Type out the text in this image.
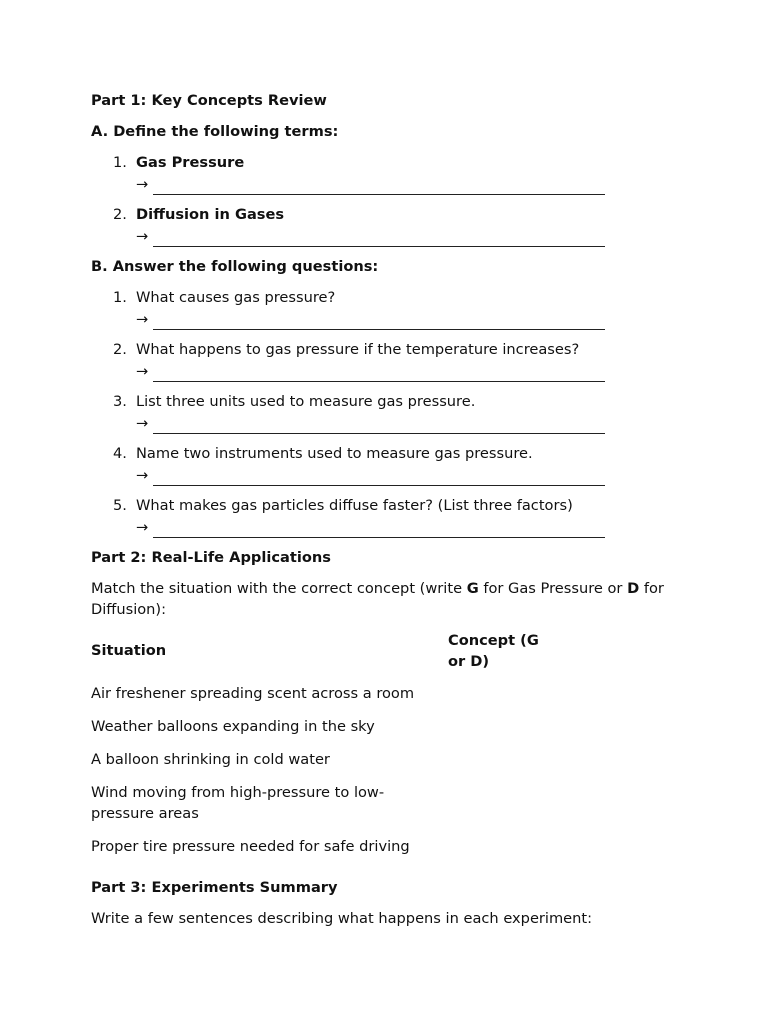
Part 1: Key Concepts Review
A. Define the following terms:
1. Gas Pressure
→
2. Diffusion in Gases
→
B. Answer the following questions:
1. What causes gas pressure?
→
2. What happens to gas pressure if the temperature increases?
→
3. List three units used to measure gas pressure.
→
4. Name two instruments used to measure gas pressure.
→
5. What makes gas particles diffuse faster? (List three factors)
→
Part 2: Real-Life Applications
Match the situation with the correct concept (write G for Gas Pressure or D for Diffusion):
Situation	Concept (G or D)
Air freshener spreading scent across a room	
Weather balloons expanding in the sky	
A balloon shrinking in cold water	
Wind moving from high-pressure to low-pressure areas	
Proper tire pressure needed for safe driving	
Part 3: Experiments Summary
Write a few sentences describing what happens in each experiment:
